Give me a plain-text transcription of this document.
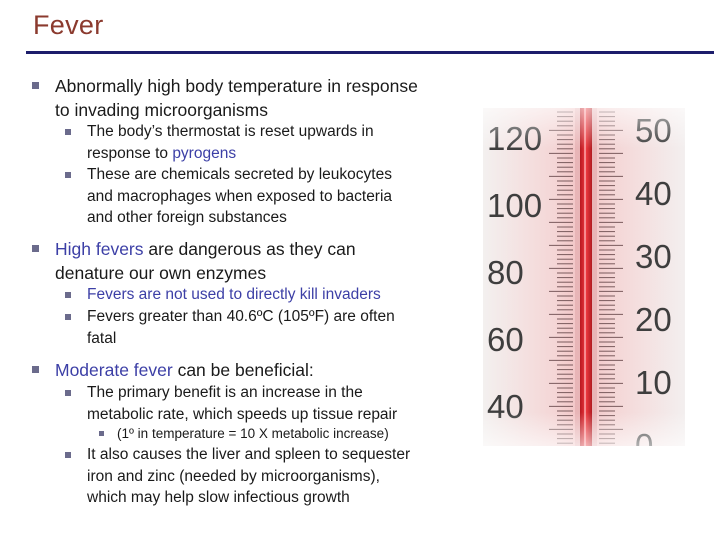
Fever
Abnormally high body temperature in response
to invading microorganisms
The body’s thermostat is reset upwards in
response to pyrogens
These are chemicals secreted by leukocytes
and macrophages when exposed to bacteria
and other foreign substances
High fevers are dangerous as they can
denature our own enzymes
Fevers are not used to directly kill invaders
Fevers greater than 40.6ºC (105ºF) are often
fatal
Moderate fever can be beneficial:
The primary benefit is an increase in the
metabolic rate, which speeds up tissue repair
(1º in temperature = 10 X metabolic increase)
It also causes the liver and spleen to sequester
iron and zinc (needed by microorganisms),
which may help slow infectious growth
